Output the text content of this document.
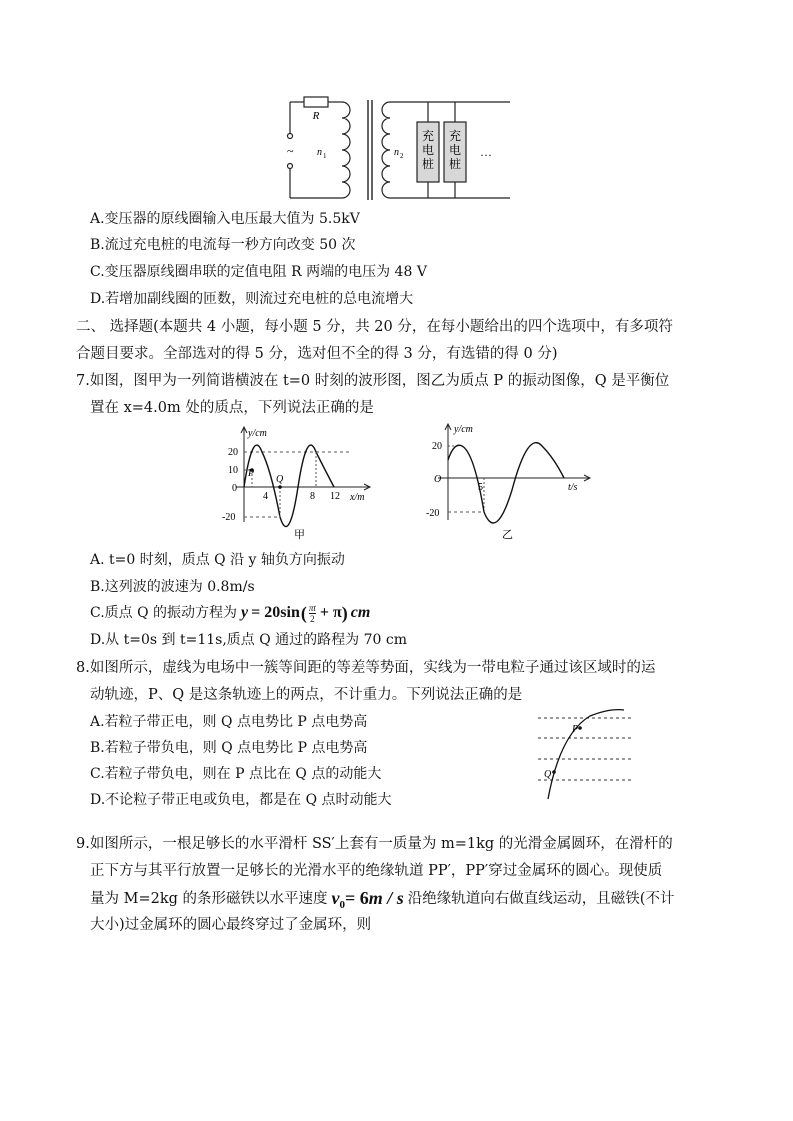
R
~ n 1	n 2
充
电
桩
充
电
桩
…
A.变压器的原线圈输入电压最大值为 5.5kV
B.流过充电桩的电流每一秒方向改变 50 次
C.变压器原线圈串联的定值电阻 R 两端的电压为 48 V
D.若增加副线圈的匝数，则流过充电桩的总电流增大
二、 选择题(本题共 4 小题，每小题 5 分，共 20 分，在每小题给出的四个选项中，有多项符
合题目要求。全部选对的得 5 分，选对但不全的得 3 分，有选错的得 0 分)
7.如图，图甲为一列简谐横波在 t=0 时刻的波形图，图乙为质点 P 的振动图像，Q 是平衡位
置在 x=4.0m 处的质点，下列说法正确的是
y/cm
x/m
20
10
0
-20
4	8 12
P
Q
甲
y/cm
t/s
20
O
-20
5
乙
A. t=0 时刻，质点 Q 沿 y 轴负方向振动
B.这列波的波速为 0.8m/s
C.质点 Q 的振动方程为 y = 20sin ( πt
2 + π ) cm
D.从 t=0s 到 t=11s,质点 Q 通过的路程为 70 cm
8.如图所示，虚线为电场中一簇等间距的等差等势面，实线为一带电粒子通过该区域时的运
动轨迹，P、Q 是这条轨迹上的两点，不计重力。下列说法正确的是
A.若粒子带正电，则 Q 点电势比 P 点电势高
B.若粒子带负电，则 Q 点电势比 P 点电势高
C.若粒子带负电，则在 P 点比在 Q 点的动能大
D.不论粒子带正电或负电，都是在 Q 点时动能大
P
Q
9.如图所示，一根足够长的水平滑杆 SS′上套有一质量为 m=1kg 的光滑金属圆环，在滑杆的
正下方与其平行放置一足够长的光滑水平的绝缘轨道 PP′，PP′穿过金属环的圆心。现使质
量为 M=2kg 的条形磁铁以水平速度 v 0 = 6 m / s 沿绝缘轨道向右做直线运动，且磁铁(不计
大小)过金属环的圆心最终穿过了金属环，则
